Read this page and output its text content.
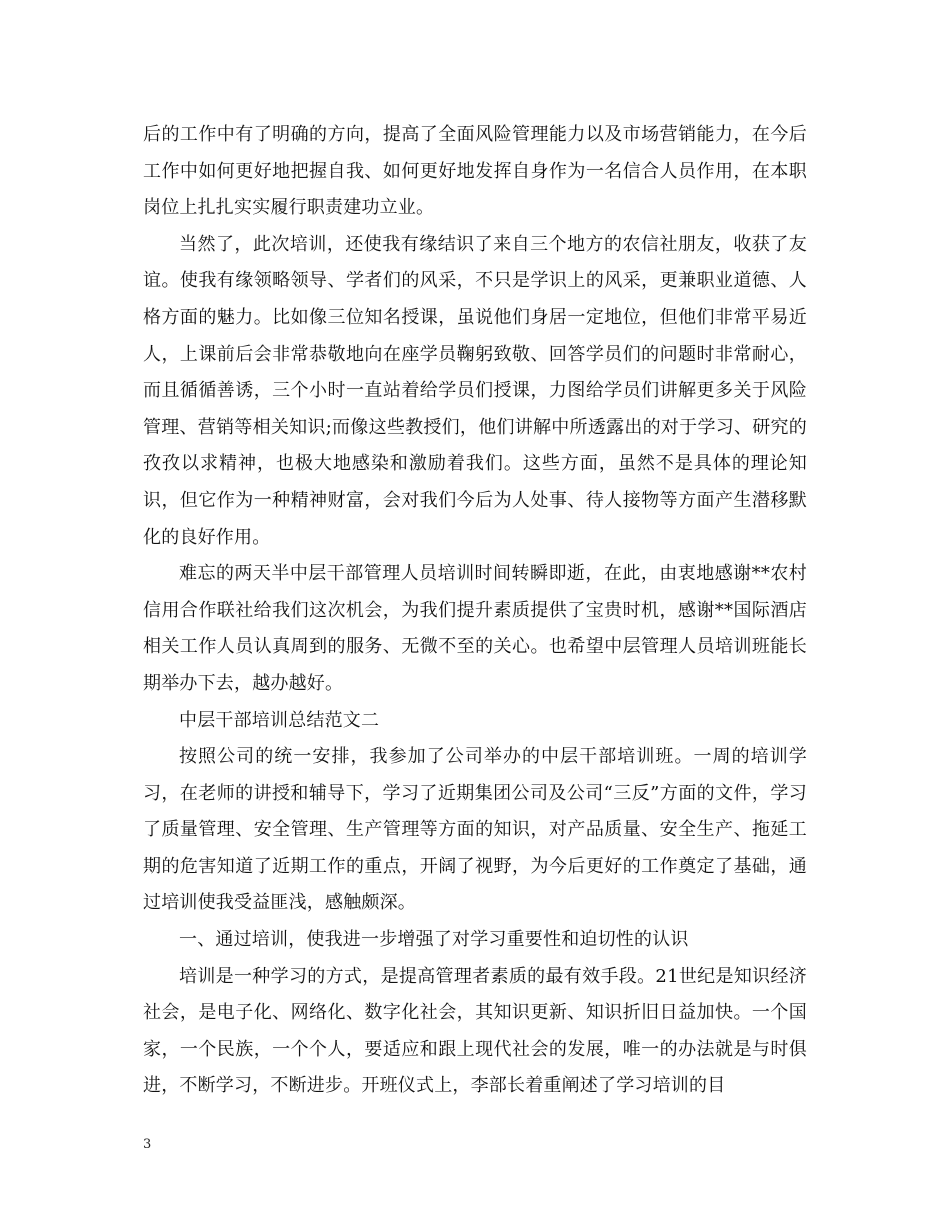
后的工作中有了明确的方向，提高了全面风险管理能力以及市场营销能力，在今后工作中如何更好地把握自我、如何更好地发挥自身作为一名信合人员作用，在本职岗位上扎扎实实履行职责建功立业。

当然了，此次培训，还使我有缘结识了来自三个地方的农信社朋友，收获了友谊。使我有缘领略领导、学者们的风采，不只是学识上的风采，更兼职业道德、人格方面的魅力。比如像三位知名授课，虽说他们身居一定地位，但他们非常平易近人，上课前后会非常恭敬地向在座学员鞠躬致敬、回答学员们的问题时非常耐心，而且循循善诱，三个小时一直站着给学员们授课，力图给学员们讲解更多关于风险管理、营销等相关知识;而像这些教授们，他们讲解中所透露出的对于学习、研究的孜孜以求精神，也极大地感染和激励着我们。这些方面，虽然不是具体的理论知识，但它作为一种精神财富，会对我们今后为人处事、待人接物等方面产生潜移默化的良好作用。

难忘的两天半中层干部管理人员培训时间转瞬即逝，在此，由衷地感谢**农村信用合作联社给我们这次机会，为我们提升素质提供了宝贵时机，感谢**国际酒店相关工作人员认真周到的服务、无微不至的关心。也希望中层管理人员培训班能长期举办下去，越办越好。

中层干部培训总结范文二

按照公司的统一安排，我参加了公司举办的中层干部培训班。一周的培训学习，在老师的讲授和辅导下，学习了近期集团公司及公司“三反”方面的文件，学习了质量管理、安全管理、生产管理等方面的知识，对产品质量、安全生产、拖延工期的危害知道了近期工作的重点，开阔了视野，为今后更好的工作奠定了基础，通过培训使我受益匪浅，感触颇深。

一、通过培训，使我进一步增强了对学习重要性和迫切性的认识

培训是一种学习的方式，是提高管理者素质的最有效手段。21世纪是知识经济社会，是电子化、网络化、数字化社会，其知识更新、知识折旧日益加快。一个国家，一个民族，一个个人，要适应和跟上现代社会的发展，唯一的办法就是与时俱进，不断学习，不断进步。开班仪式上，李部长着重阐述了学习培训的目

3
